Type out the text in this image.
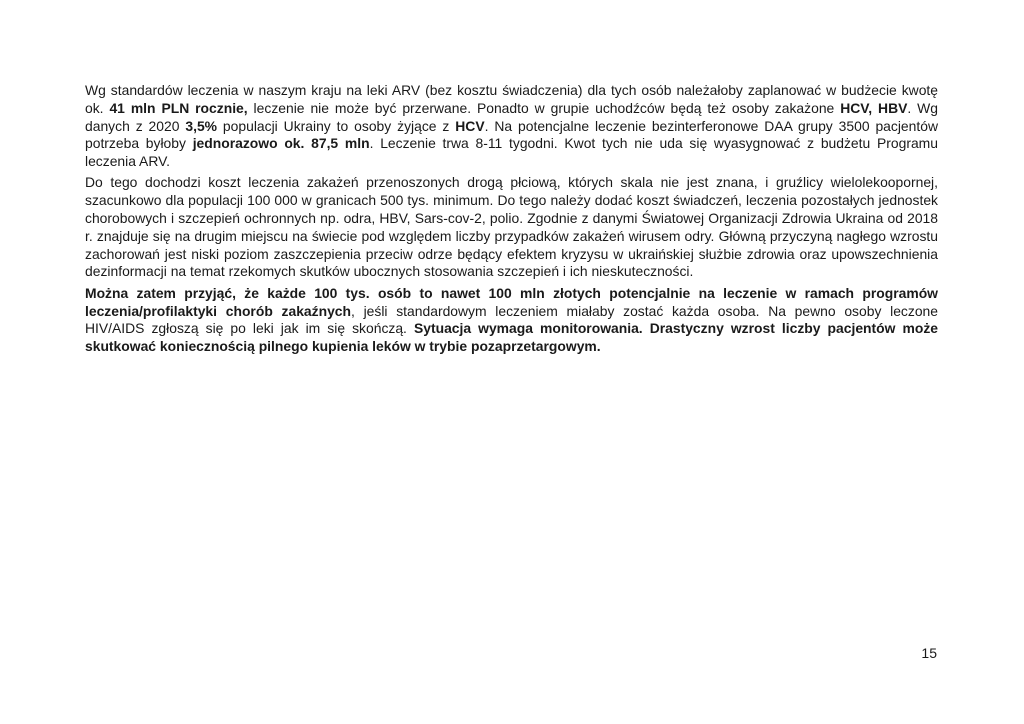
Wg standardów leczenia w naszym kraju na leki ARV (bez kosztu świadczenia) dla tych osób należałoby zaplanować w budżecie kwotę ok. 41 mln PLN rocznie, leczenie nie może być przerwane. Ponadto w grupie uchodźców będą też osoby zakażone HCV, HBV. Wg danych z 2020 3,5% populacji Ukrainy to osoby żyjące z HCV. Na potencjalne leczenie bezinterferonowe DAA grupy 3500 pacjentów potrzeba byłoby jednorazowo ok. 87,5 mln. Leczenie trwa 8-11 tygodni. Kwot tych nie uda się wyasygnować z budżetu Programu leczenia ARV.

Do tego dochodzi koszt leczenia zakażeń przenoszonych drogą płciową, których skala nie jest znana, i gruźlicy wielolekoopornej, szacunkowo dla populacji 100 000 w granicach 500 tys. minimum. Do tego należy dodać koszt świadczeń, leczenia pozostałych jednostek chorobowych i szczepień ochronnych np. odra, HBV, Sars-cov-2, polio. Zgodnie z danymi Światowej Organizacji Zdrowia Ukraina od 2018 r. znajduje się na drugim miejscu na świecie pod względem liczby przypadków zakażeń wirusem odry. Główną przyczyną nagłego wzrostu zachorowań jest niski poziom zaszczepienia przeciw odrze będący efektem kryzysu w ukraińskiej służbie zdrowia oraz upowszechnienia dezinformacji na temat rzekomych skutków ubocznych stosowania szczepień i ich nieskuteczności.

Można zatem przyjąć, że każde 100 tys. osób to nawet 100 mln złotych potencjalnie na leczenie w ramach programów leczenia/profilaktyki chorób zakaźnych, jeśli standardowym leczeniem miałaby zostać każda osoba. Na pewno osoby leczone HIV/AIDS zgłoszą się po leki jak im się skończą. Sytuacja wymaga monitorowania. Drastyczny wzrost liczby pacjentów może skutkować koniecznością pilnego kupienia leków w trybie pozaprzetargowym.

15
